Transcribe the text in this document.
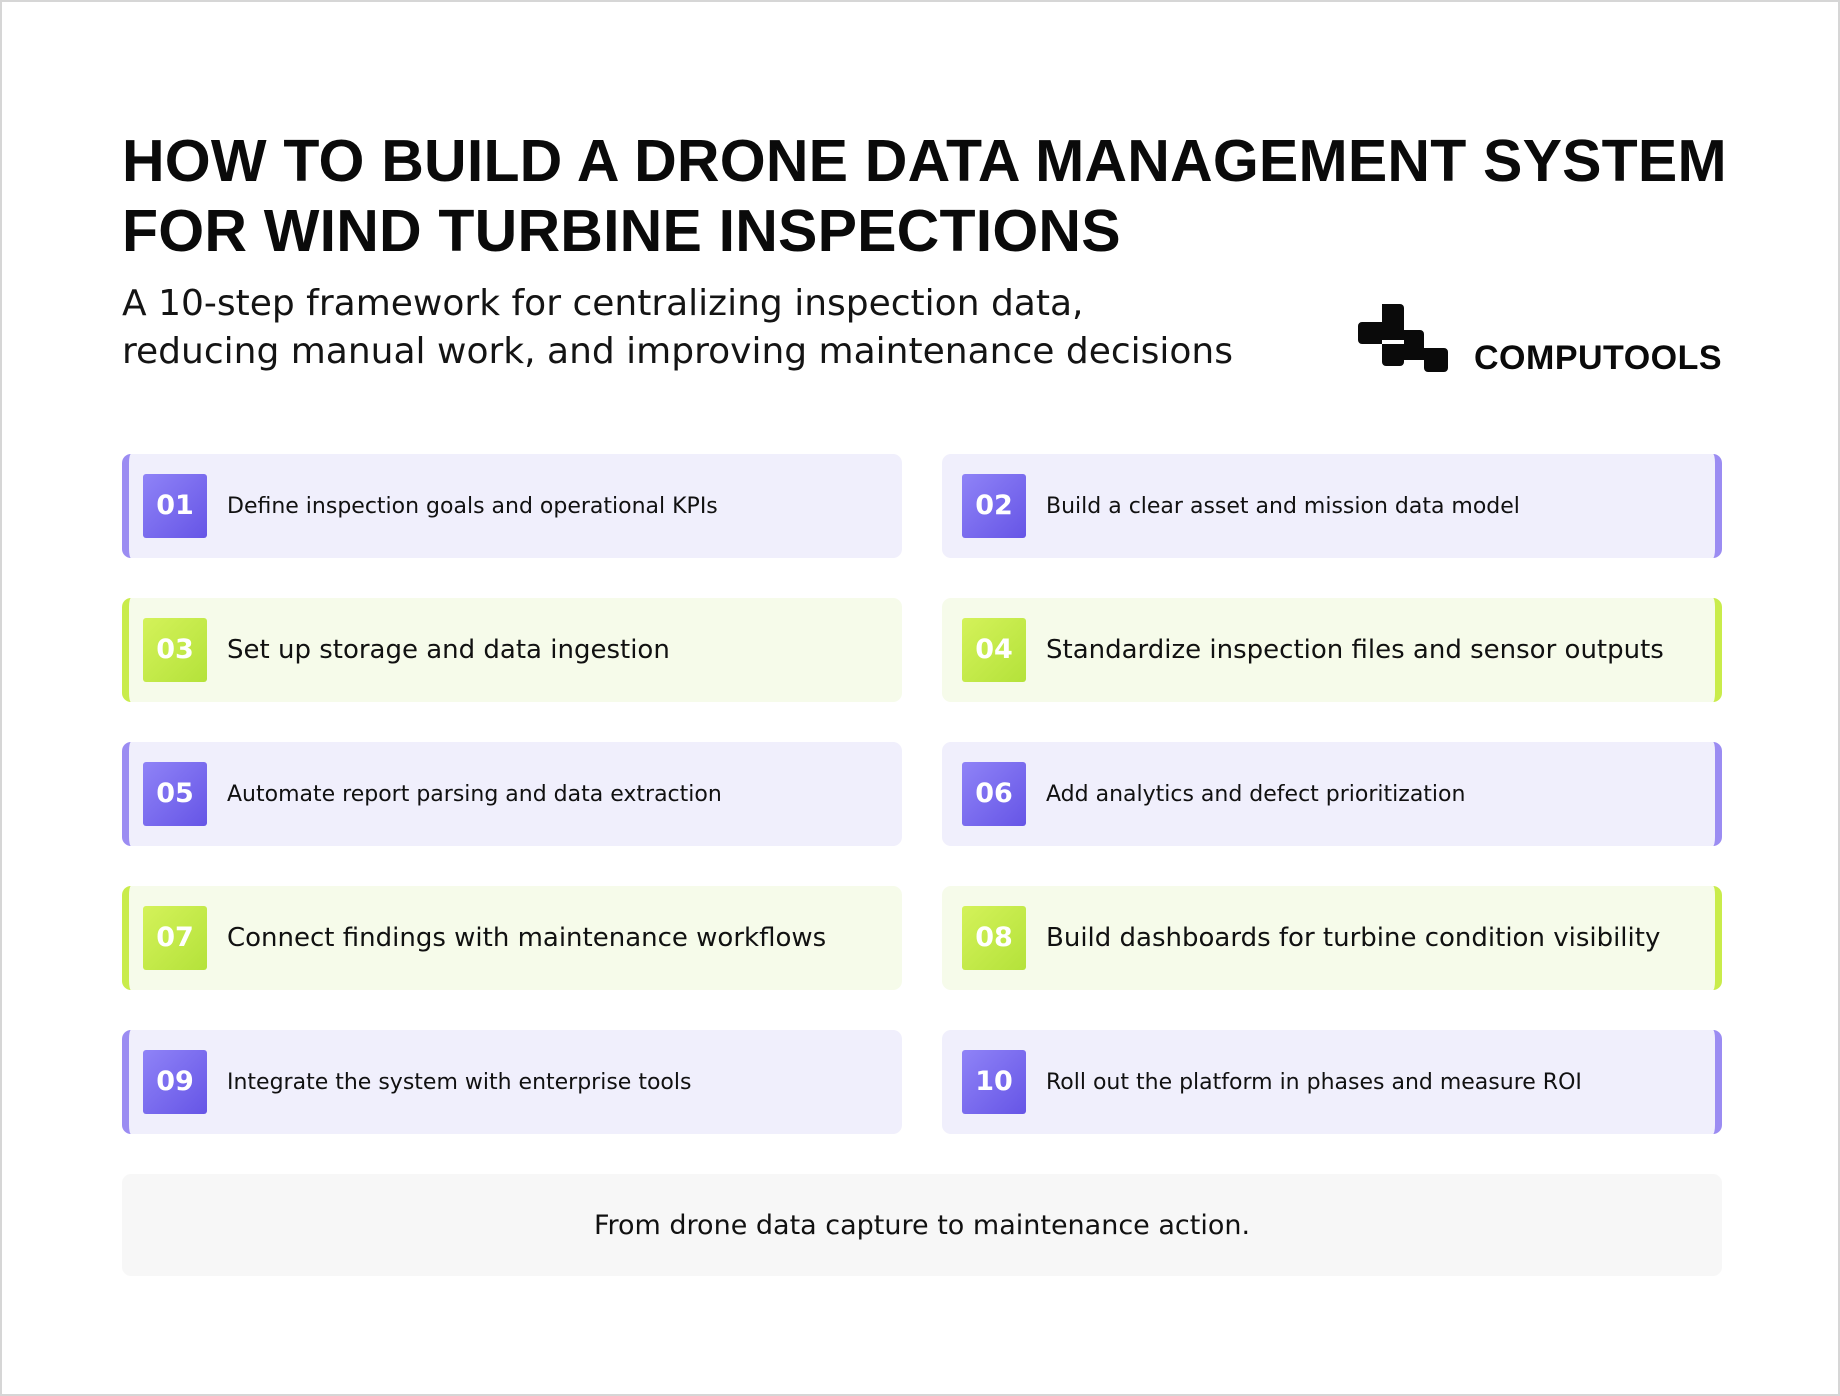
HOW TO BUILD A DRONE DATA MANAGEMENT SYSTEM
FOR WIND TURBINE INSPECTIONS

A 10-step framework for centralizing inspection data,
reducing manual work, and improving maintenance decisions	COMPUTOOLS
01	Define inspection goals and operational KPIs	02	Build a clear asset and mission data model
03	Set up storage and data ingestion	04	Standardize inspection files and sensor outputs
05	Automate report parsing and data extraction	06	Add analytics and defect prioritization
07	Connect findings with maintenance workflows	08	Build dashboards for turbine condition visibility
09	Integrate the system with enterprise tools	10	Roll out the platform in phases and measure ROI
From drone data capture to maintenance action.
